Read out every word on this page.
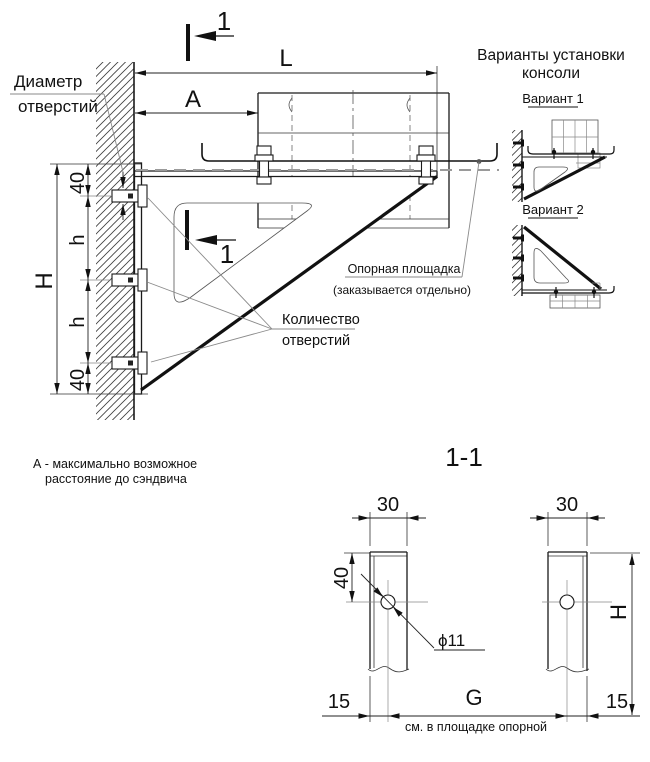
L
A
40
h
h
40
H
1
1
Диаметр
отверстий
Количество
отверстий
Опорная площадка
(заказывается отдельно)
А - максимально возможное
расстояние до сэндвича
Варианты установки
консоли
Вариант 1
Вариант 2
1-1
30	30
40
H
ϕ11
15	G	15
см. в площадке опорной
